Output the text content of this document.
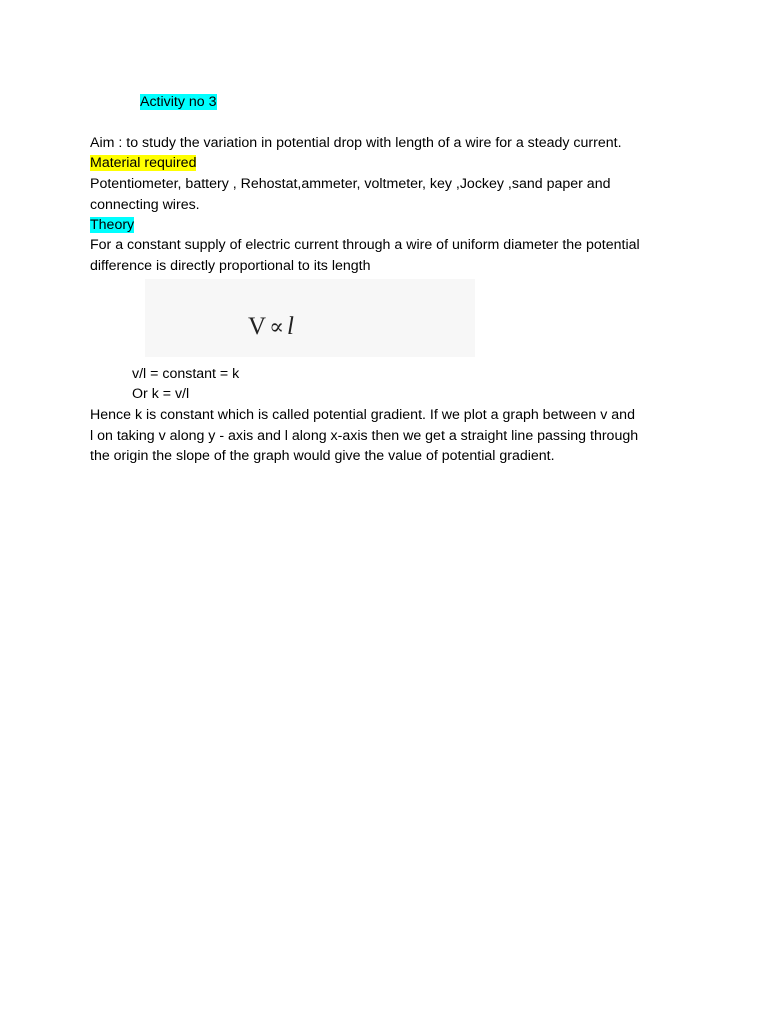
Activity no 3
Aim : to study the variation in potential drop with length of a wire for a steady current.
Material required
Potentiometer, battery , Rehostat,ammeter, voltmeter, key ,Jockey ,sand paper and
connecting wires.
Theory
For a constant supply of electric current through a wire of uniform diameter the potential
difference is directly proportional to its length
V ∝ l
v/l = constant = k
Or k = v/l
Hence k is constant which is called potential gradient. If we plot a graph between v and
l on taking v along y - axis and l along x-axis then we get a straight line passing through
the origin the slope of the graph would give the value of potential gradient.
